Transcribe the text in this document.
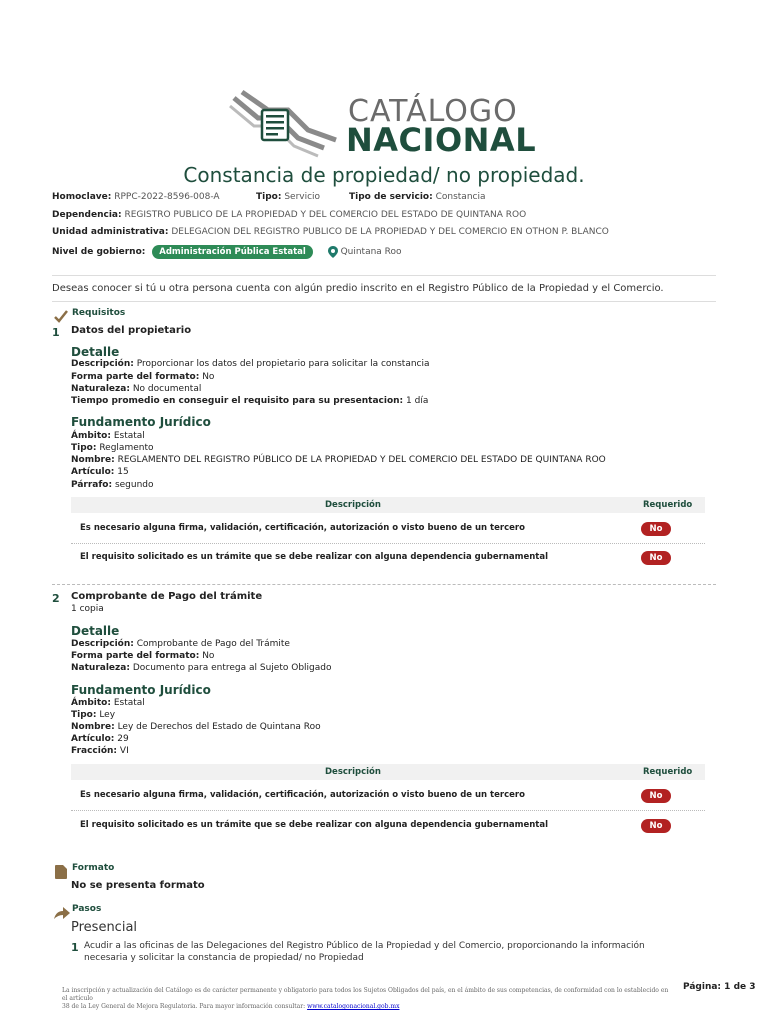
CATÁLOGO
NACIONAL
Constancia de propiedad/ no propiedad.
Homoclave: RPPC-2022-8596-008-A	Tipo: Servicio	Tipo de servicio: Constancia
Dependencia: REGISTRO PUBLICO DE LA PROPIEDAD Y DEL COMERCIO DEL ESTADO DE QUINTANA ROO
Unidad administrativa: DELEGACION DEL REGISTRO PUBLICO DE LA PROPIEDAD Y DEL COMERCIO EN OTHON P. BLANCO
Nivel de gobierno: Administración Pública Estatal	Quintana Roo
Deseas conocer si tú u otra persona cuenta con algún predio inscrito en el Registro Público de la Propiedad y el Comercio.
Requisitos
1 Datos del propietario
Detalle
Descripción: Proporcionar los datos del propietario para solicitar la constancia
Forma parte del formato: No
Naturaleza: No documental
Tiempo promedio en conseguir el requisito para su presentacion: 1 día
Fundamento Jurídico
Ámbito: Estatal
Tipo: Reglamento
Nombre: REGLAMENTO DEL REGISTRO PÚBLICO DE LA PROPIEDAD Y DEL COMERCIO DEL ESTADO DE QUINTANA ROO
Artículo: 15
Párrafo: segundo
Descripción	Requerido
Es necesario alguna firma, validación, certificación, autorización o visto bueno de un tercero	No
El requisito solicitado es un trámite que se debe realizar con alguna dependencia gubernamental	No
2 Comprobante de Pago del trámite
1 copia
Detalle
Descripción: Comprobante de Pago del Trámite
Forma parte del formato: No
Naturaleza: Documento para entrega al Sujeto Obligado
Fundamento Jurídico
Ámbito: Estatal
Tipo: Ley
Nombre: Ley de Derechos del Estado de Quintana Roo
Artículo: 29
Fracción: VI
Descripción	Requerido
Es necesario alguna firma, validación, certificación, autorización o visto bueno de un tercero	No
El requisito solicitado es un trámite que se debe realizar con alguna dependencia gubernamental	No
Formato
No se presenta formato
Pasos
Presencial
1 Acudir a las oficinas de las Delegaciones del Registro Público de la Propiedad y del Comercio, proporcionando la información
necesaria y solicitar la constancia de propiedad/ no Propiedad
La inscripción y actualización del Catálogo es de carácter permanente y obligatorio para todos los Sujetos Obligados del país, en el ámbito de sus competencias, de conformidad con lo establecido en el artículo
38 de la Ley General de Mejora Regulatoria. Para mayor información consultar: www.catalogonacional.gob.mx
Página: 1 de 3
